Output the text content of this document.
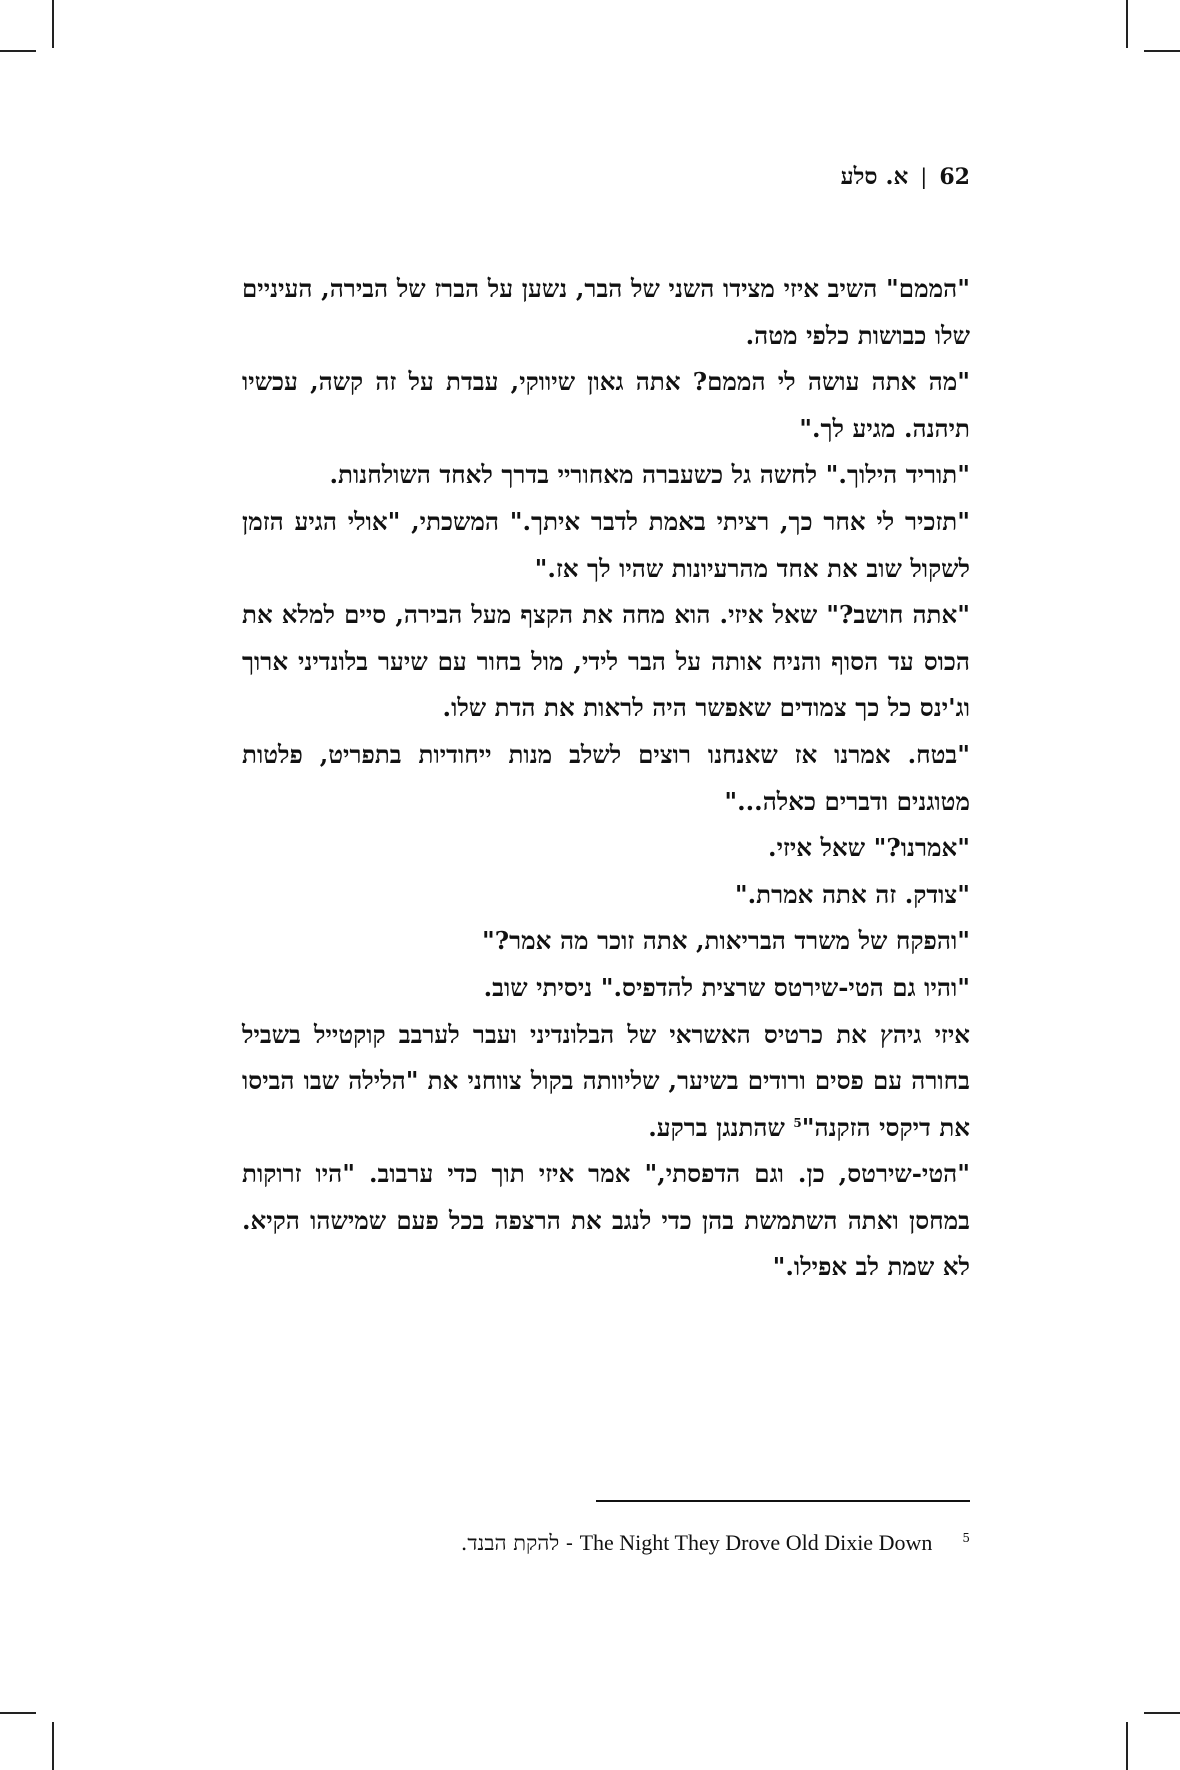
62
|
א. סלע

"הממם" השיב איזי מצידו השני של הבר, נשען על הברז של הבירה, העיניים שלו כבושות כלפי מטה.

"מה אתה עושה לי הממם? אתה גאון שיווקי, עבדת על זה קשה, עכשיו תיהנה. מגיע לך."

"תוריד הילוך." לחשה גל כשעברה מאחוריי בדרך לאחד השולחנות.

"תזכיר לי אחר כך, רציתי באמת לדבר איתך." המשכתי, "אולי הגיע הזמן לשקול שוב את אחד מהרעיונות שהיו לך אז."

"אתה חושב?" שאל איזי. הוא מחה את הקצף מעל הבירה, סיים למלא את הכוס עד הסוף והניח אותה על הבר לידי, מול בחור עם שיער בלונדיני ארוך וג'ינס כל כך צמודים שאפשר היה לראות את הדת שלו.

"בטח. אמרנו אז שאנחנו רוצים לשלב מנות ייחודיות בתפריט, פלטות מטוגנים ודברים כאלה..."

"אמרנו?" שאל איזי.

"צודק. זה אתה אמרת."

"והפקח של משרד הבריאות, אתה זוכר מה אמר?"

"והיו גם הטי-שירטס שרצית להדפיס." ניסיתי שוב.

איזי גיהץ את כרטיס האשראי של הבלונדיני ועבר לערבב קוקטייל בשביל בחורה עם פסים ורודים בשיער, שליוותה בקול צווחני את "הלילה שבו הביסו את דיקסי הזקנה"$^5$ שהתנגן ברקע.

"הטי-שירטס, כן. וגם הדפסתי," אמר איזי תוך כדי ערבוב. "היו זרוקות במחסן ואתה השתמשת בהן כדי לנגב את הרצפה בכל פעם שמישהו הקיא. לא שמת לב אפילו."

5
The Night They Drove Old Dixie Down - להקת הבנד.
